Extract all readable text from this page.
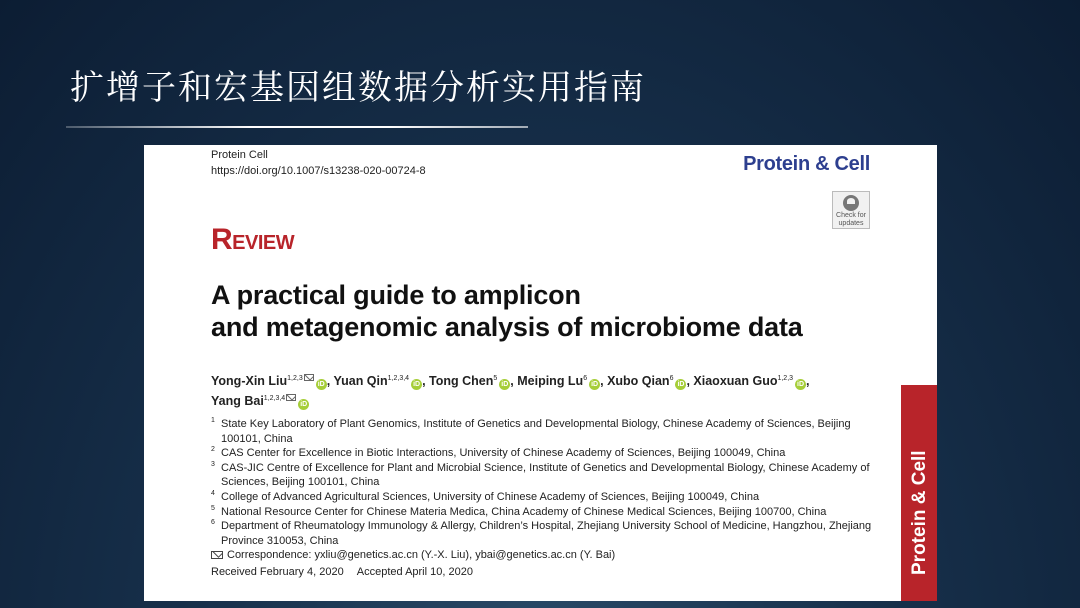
扩增子和宏基因组数据分析实用指南
Protein Cell
https://doi.org/10.1007/s13238-020-00724-8	Protein & Cell
Check for
updates
REVIEW
A practical guide to amplicon
and metagenomic analysis of microbiome data
Yong-Xin Liu$^{1,2,3}$iD , Yuan Qin$^{1,2,3,4}$iD , Tong Chen$^5$iD , Meiping Lu$^6$iD , Xubo Qian$^6$iD , Xiaoxuan Guo$^{1,2,3}$iD ,
Yang Bai$^{1,2,3,4}$iD
1 State Key Laboratory of Plant Genomics, Institute of Genetics and Developmental Biology, Chinese Academy of Sciences, Beijing 100101, China
2 CAS Center for Excellence in Biotic Interactions, University of Chinese Academy of Sciences, Beijing 100049, China
3 CAS-JIC Centre of Excellence for Plant and Microbial Science, Institute of Genetics and Developmental Biology, Chinese Academy of Sciences, Beijing 100101, China
4 College of Advanced Agricultural Sciences, University of Chinese Academy of Sciences, Beijing 100049, China
5 National Resource Center for Chinese Materia Medica, China Academy of Chinese Medical Sciences, Beijing 100700, China
6 Department of Rheumatology Immunology & Allergy, Children’s Hospital, Zhejiang University School of Medicine, Hangzhou, Zhejiang Province 310053, China
Correspondence: yxliu@genetics.ac.cn (Y.-X. Liu), ybai@genetics.ac.cn (Y. Bai)
Received February 4, 2020 Accepted April 10, 2020	Protein & Cell
